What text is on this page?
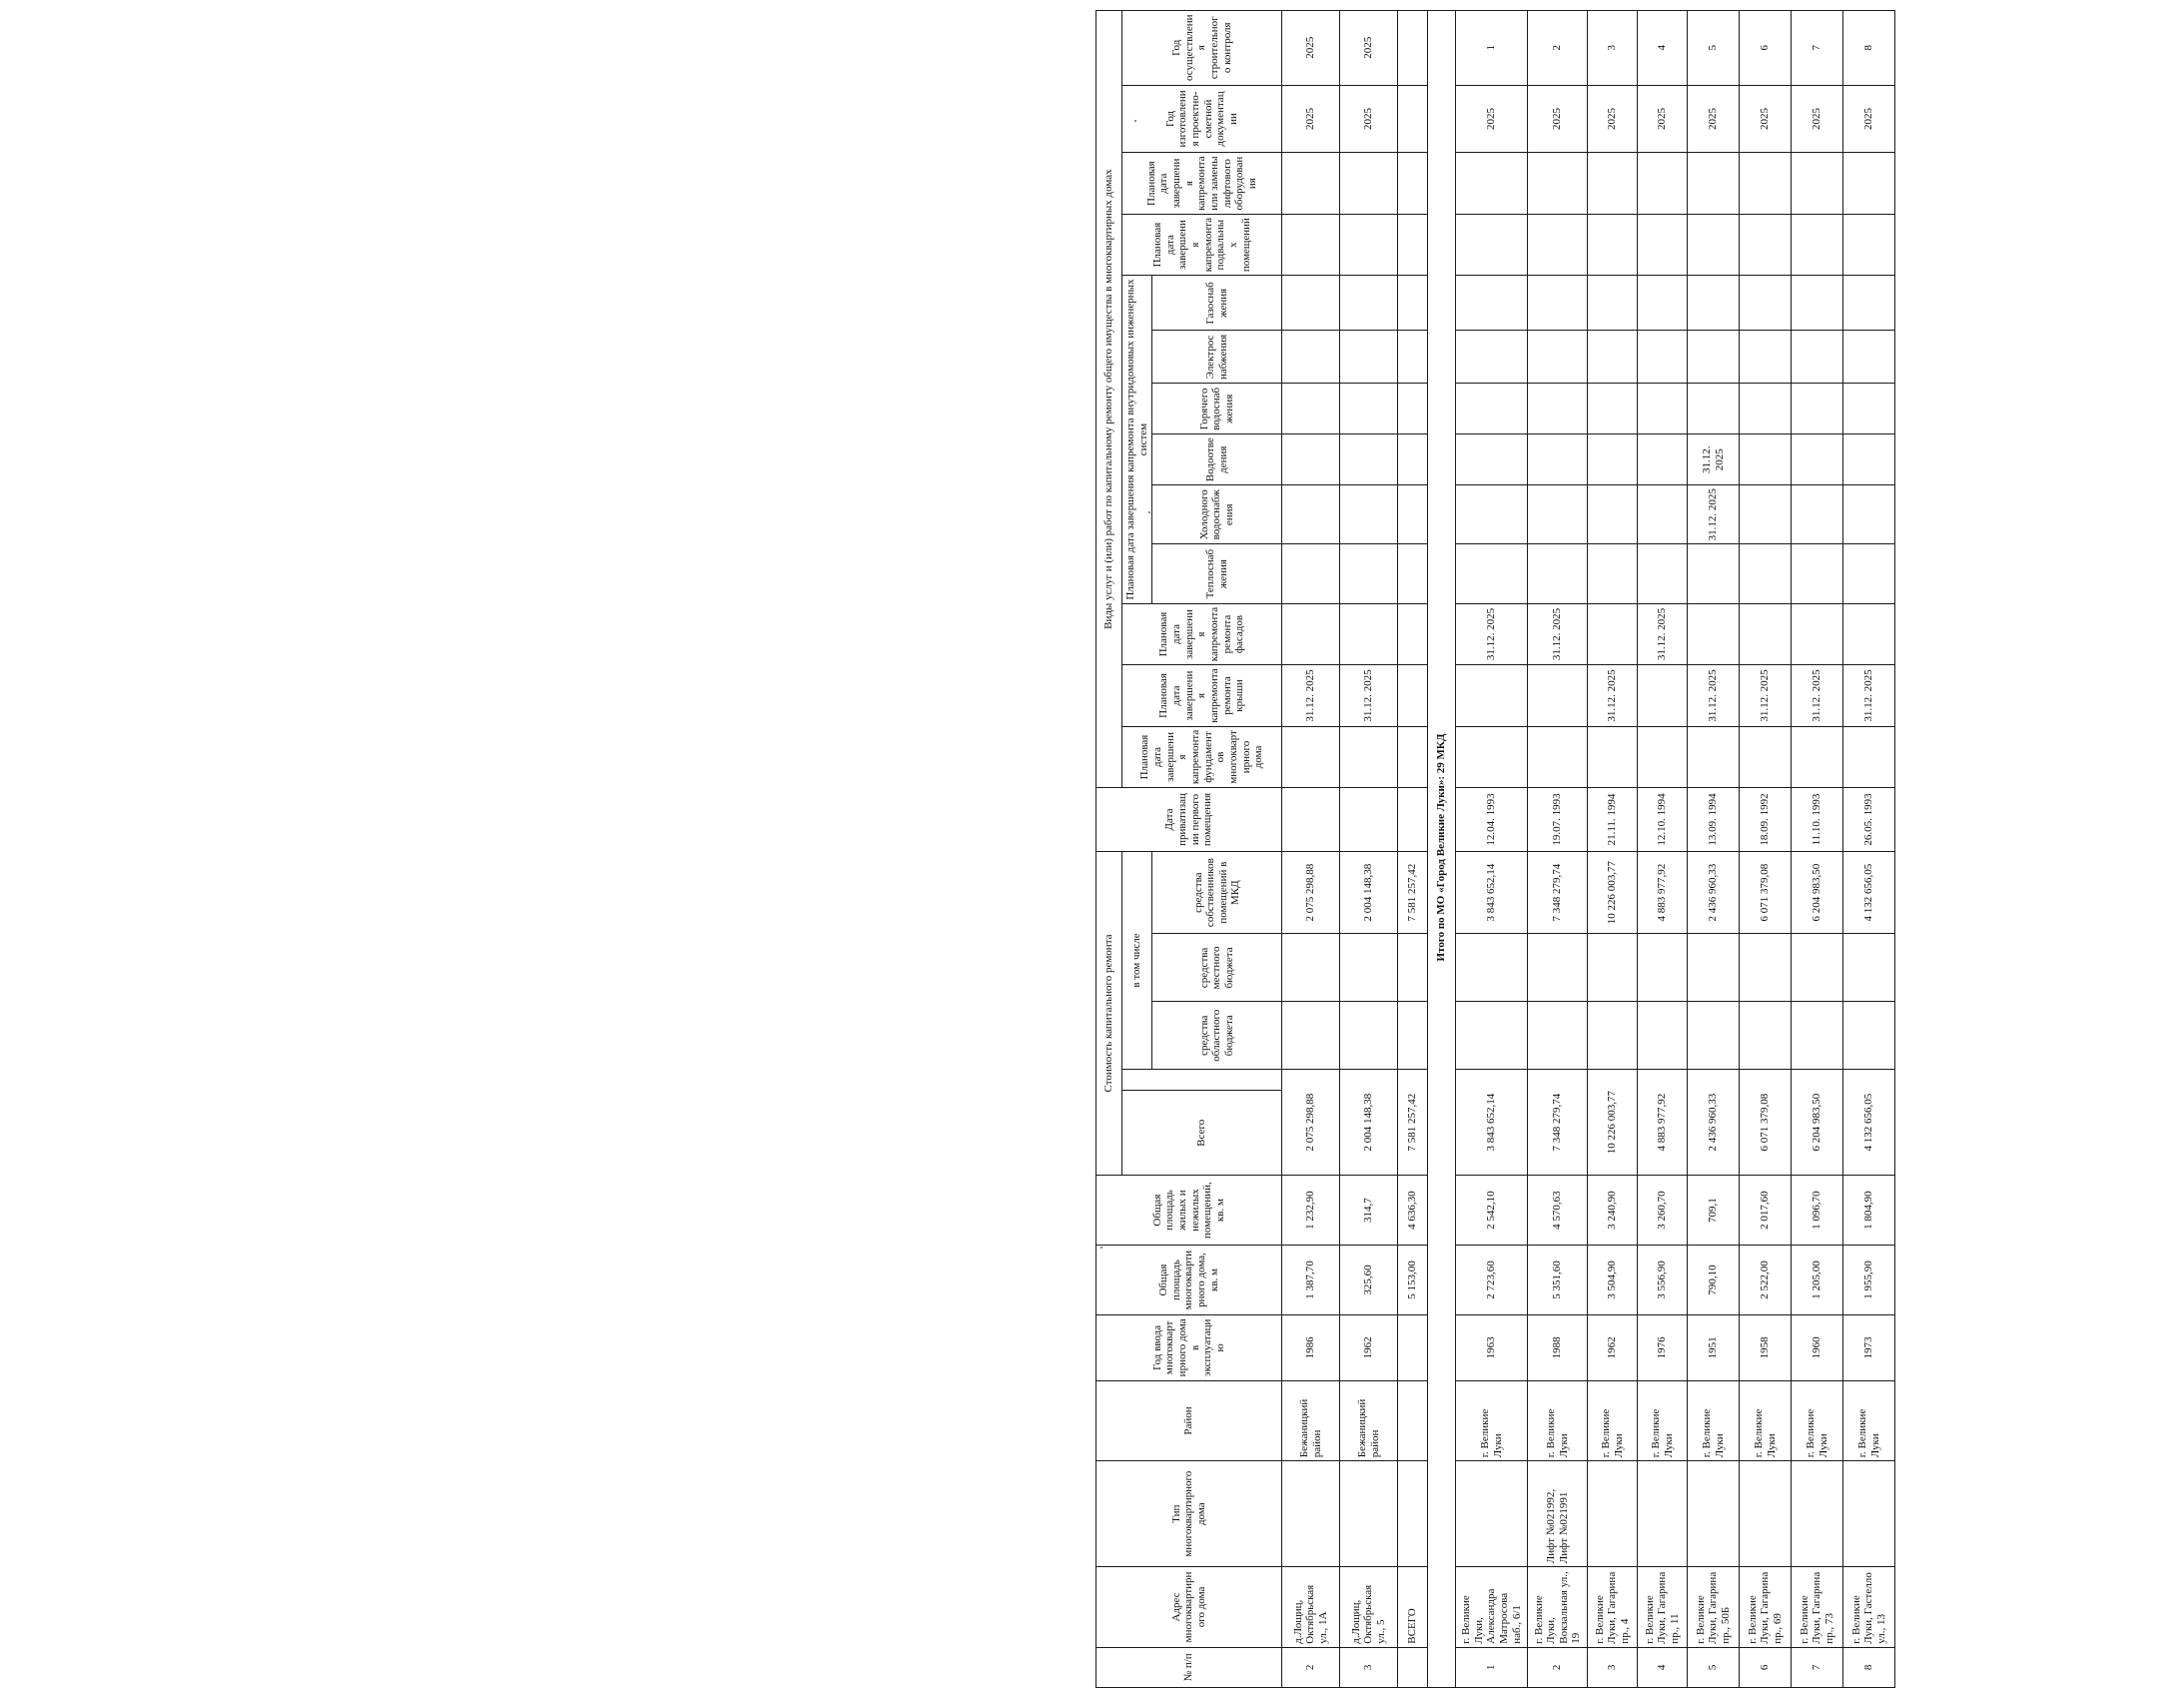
№ п/п	Адрес многоквартирного дома	Тип многоквартирного дома	Район	Год ввода многоквартирного дома в эксплуатацию	Общая площадь многоквартирного дома, кв. м	Общая площадь жилых и нежилых помещений, кв. м	Стоимость капитального ремонта					Дата приватизации первого помещения	Виды услуг и (или) работ по капитальному ремонту общего имущества в многоквартирных домах												
							Всего		в том числе				Плановая дата завершения капремонта фундаментов многоквартирного дома	Плановая дата завершения капремонта ремонта крыши	Плановая дата завершения капремонта ремонта фасадов	Плановая дата завершения капремонта внутридомовых инженерных систем						Плановая дата завершения капремонта подвальных помещений	Плановая дата завершения капремонта или замены лифтового оборудования	Год изготовления проектно-сметной документации	Год осуществления строительного контроля
									средства областного бюджета	средства местного бюджета	средства собственников помещений в МКД					Теплоснабжения	Холодного водоснабжения	Водоотведения	Горячего водоснабжения	Электроснабжения	Газоснабжения				
2	д.Лощиц, Октябрьская ул., 1А		Бежаницкий район	1986	1 387,70	1 232,90	2 075 298,88				2 075 298,88			31.12. 2025										2025	2025
3	д.Лощиц, Октябрьская ул., 5		Бежаницкий район	1962	325,60	314,7	2 004 148,38				2 004 148,38			31.12. 2025										2025	2025
	ВСЕГО				5 153,00	4 636,30	7 581 257,42				7 581 257,42														
Итого по МО «Город Великие Луки»: 29 МКД																									
1	г. Великие Луки, Александра Матросова наб., 6/1		г. Великие Луки	1963	2 723,60	2 542,10	3 843 652,14				3 843 652,14	12.04. 1993			31.12. 2025									2025	1
2	г. Великие Луки, Вокзальная ул., 19	Лифт №021992, Лифт №021991	г. Великие Луки	1988	5 351,60	4 570,63	7 348 279,74				7 348 279,74	19.07. 1993			31.12. 2025									2025	2
3	г. Великие Луки, Гагарина пр., 4		г. Великие Луки	1962	3 504,90	3 240,90	10 226 003,77				10 226 003,77	21.11. 1994		31.12. 2025										2025	3
4	г. Великие Луки, Гагарина пр., 11		г. Великие Луки	1976	3 556,90	3 260,70	4 883 977,92				4 883 977,92	12.10. 1994			31.12. 2025									2025	4
5	г. Великие Луки, Гагарина пр., 50Б		г. Великие Луки	1951	790,10	709,1	2 436 960,33				2 436 960,33	13.09. 1994		31.12. 2025			31.12. 2025	31.12. 2025						2025	5
6	г. Великие Луки, Гагарина пр., 69		г. Великие Луки	1958	2 522,00	2 017,60	6 071 379,08				6 071 379,08	18.09. 1992		31.12. 2025										2025	6
7	г. Великие Луки, Гагарина пр., 73		г. Великие Луки	1960	1 205,00	1 096,70	6 204 983,50				6 204 983,50	11.10. 1993		31.12. 2025										2025	7
8	г. Великие Луки, Гастелло ул., 13		г. Великие Луки	1973	1 955,90	1 804,90	4 132 656,05				4 132 656,05	26.05. 1993		31.12. 2025										2025	8
